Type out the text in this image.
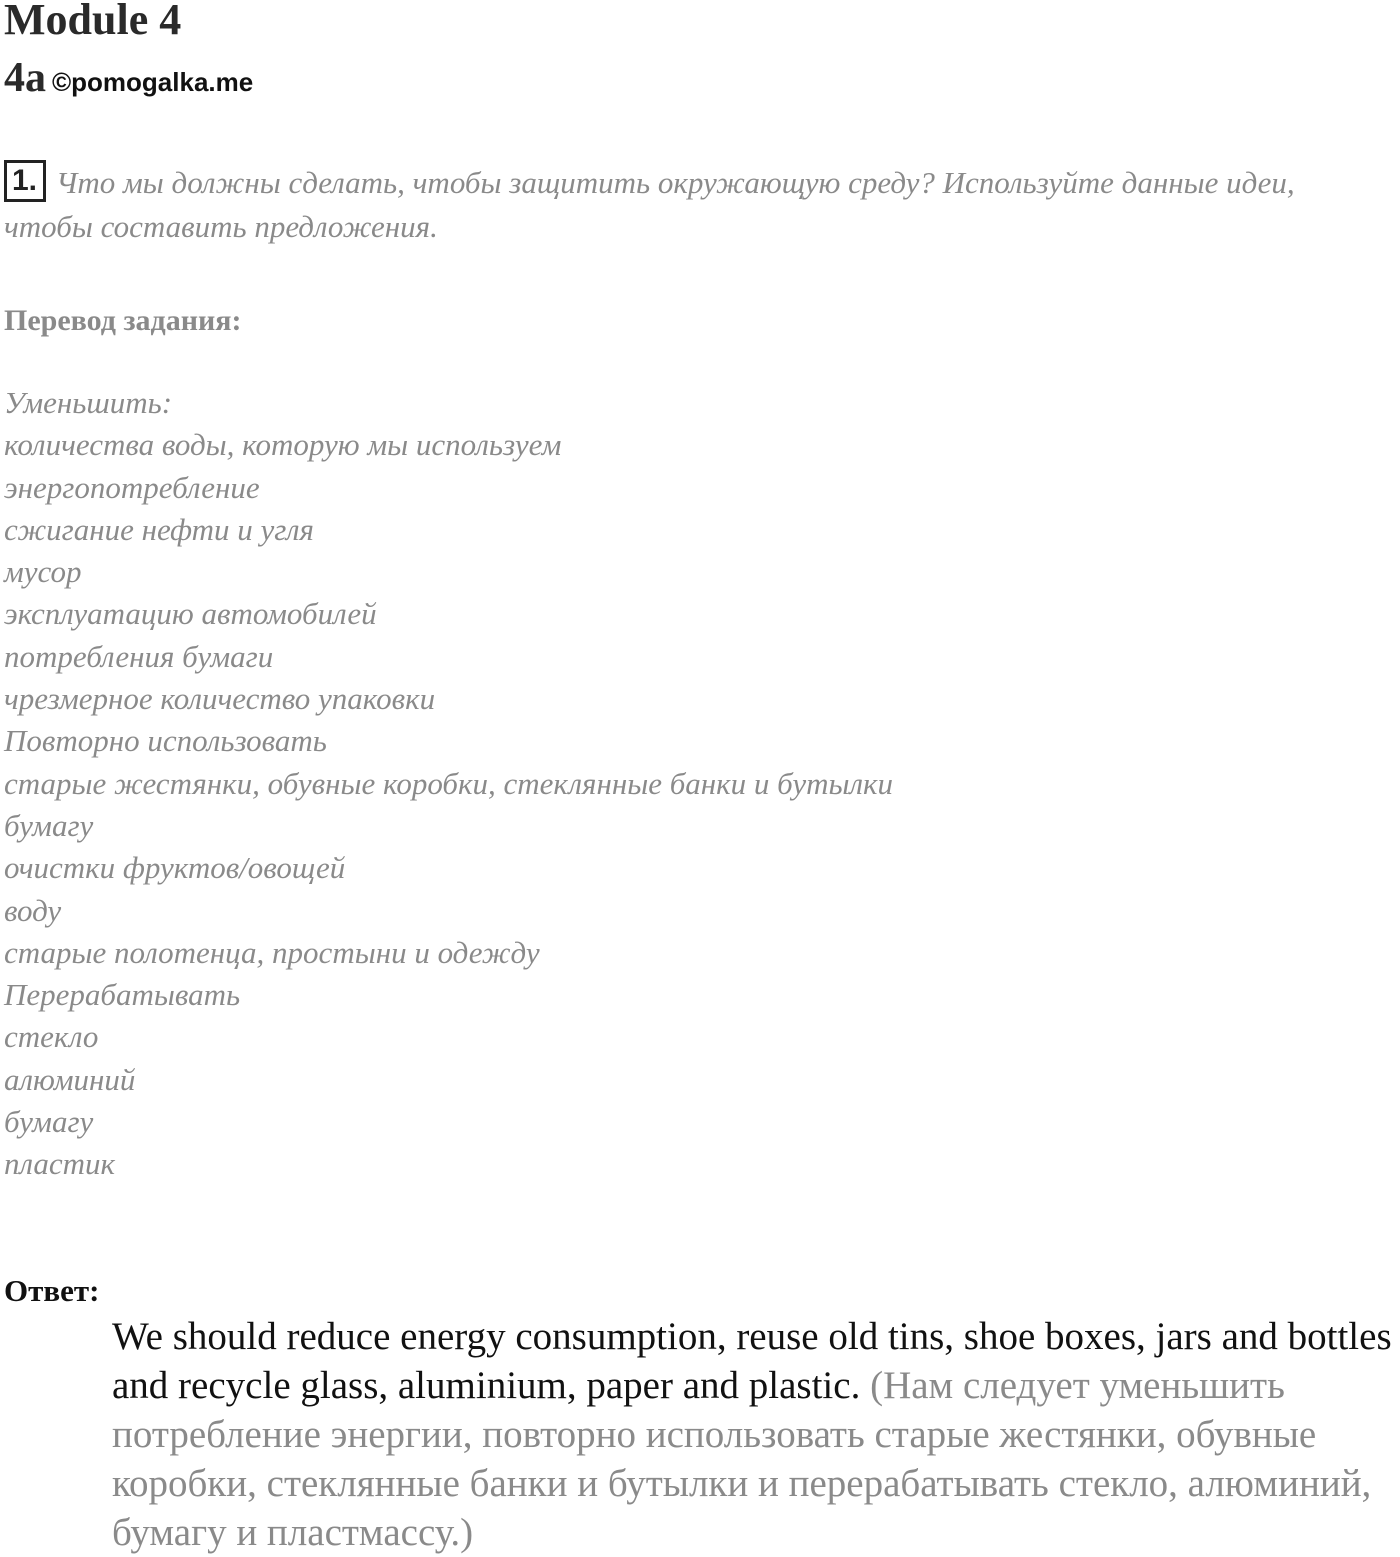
Module 4
4a ©pomogalka.me
1. Что мы должны сделать, чтобы защитить окружающую среду? Используйте данные идеи, чтобы составить предложения.
Перевод задания:
Уменьшить:
количества воды, которую мы используем
энергопотребление
сжигание нефти и угля
мусор
эксплуатацию автомобилей
потребления бумаги
чрезмерное количество упаковки
Повторно использовать
старые жестянки, обувные коробки, стеклянные банки и бутылки
бумагу
очистки фруктов/овощей
воду
старые полотенца, простыни и одежду
Перерабатывать
стекло
алюминий
бумагу
пластик
Ответ:
We should reduce energy consumption, reuse old tins, shoe boxes, jars and bottles and recycle glass, aluminium, paper and plastic. (Нам следует уменьшить потребление энергии, повторно использовать старые жестянки, обувные коробки, стеклянные банки и бутылки и перерабатывать стекло, алюминий, бумагу и пластмассу.)
